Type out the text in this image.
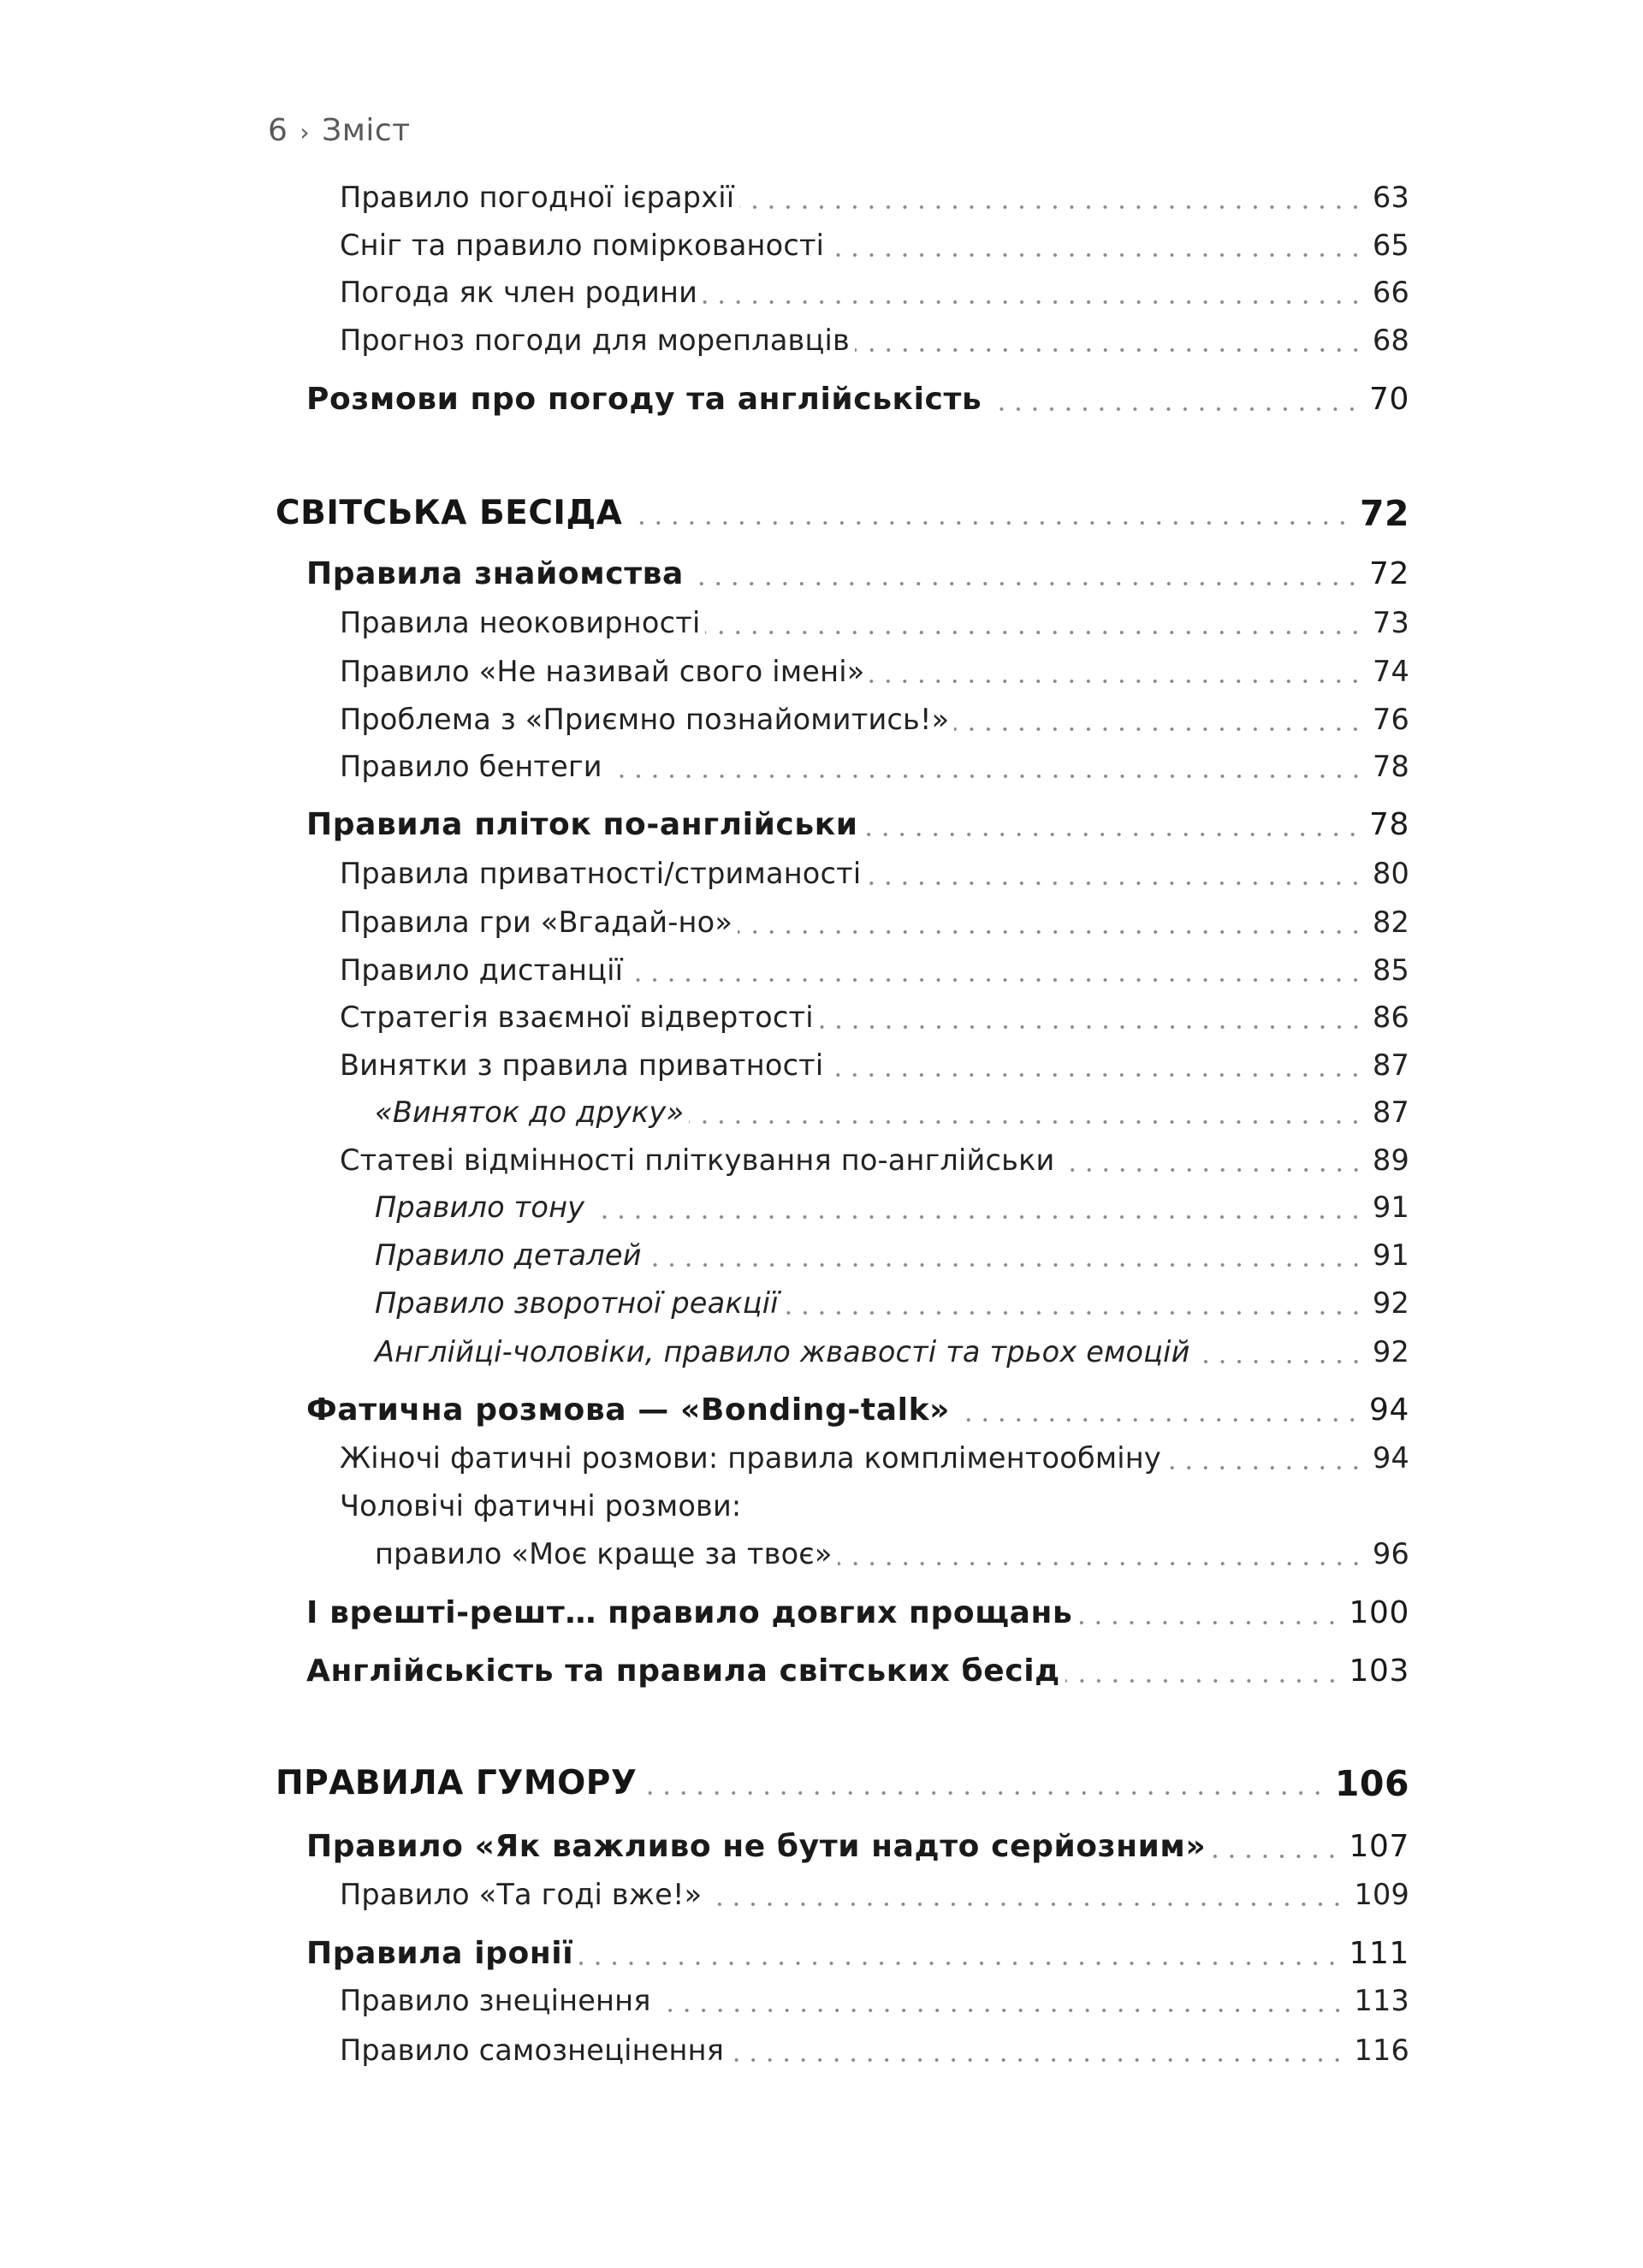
6 › Зміст
Правило погодної ієрархії	63
Сніг та правило поміркованості	65
Погода як член родини	66
Прогноз погоди для мореплавців	68
Розмови про погоду та англійськість	70
СВІТСЬКА БЕСІДА	72
Правила знайомства	72
Правила неоковирності	73
Правило «Не називай свого імені»	74
Проблема з «Приємно познайомитись!»	76
Правило бентеги	78
Правила пліток по-англійськи	78
Правила приватності/стриманості	80
Правила гри «Вгадай-но»	82
Правило дистанції	85
Стратегія взаємної відвертості	86
Винятки з правила приватності	87
«Виняток до друку»	87
Статеві відмінності пліткування по-англійськи	89
Правило тону	91
Правило деталей	91
Правило зворотної реакції	92
Англійці-чоловіки, правило жвавості та трьох емоцій	92
Фатична розмова — «Bonding-talk»	94
Жіночі фатичні розмови: правила компліментообміну	94
Чоловічі фатичні розмови:
правило «Моє краще за твоє»	96
І врешті-решт… правило довгих прощань	100
Англійськість та правила світських бесід	103
ПРАВИЛА ГУМОРУ	106
Правило «Як важливо не бути надто серйозним»	107
Правило «Та годі вже!»	109
Правила іронії	111
Правило знецінення	113
Правило самознецінення	116
